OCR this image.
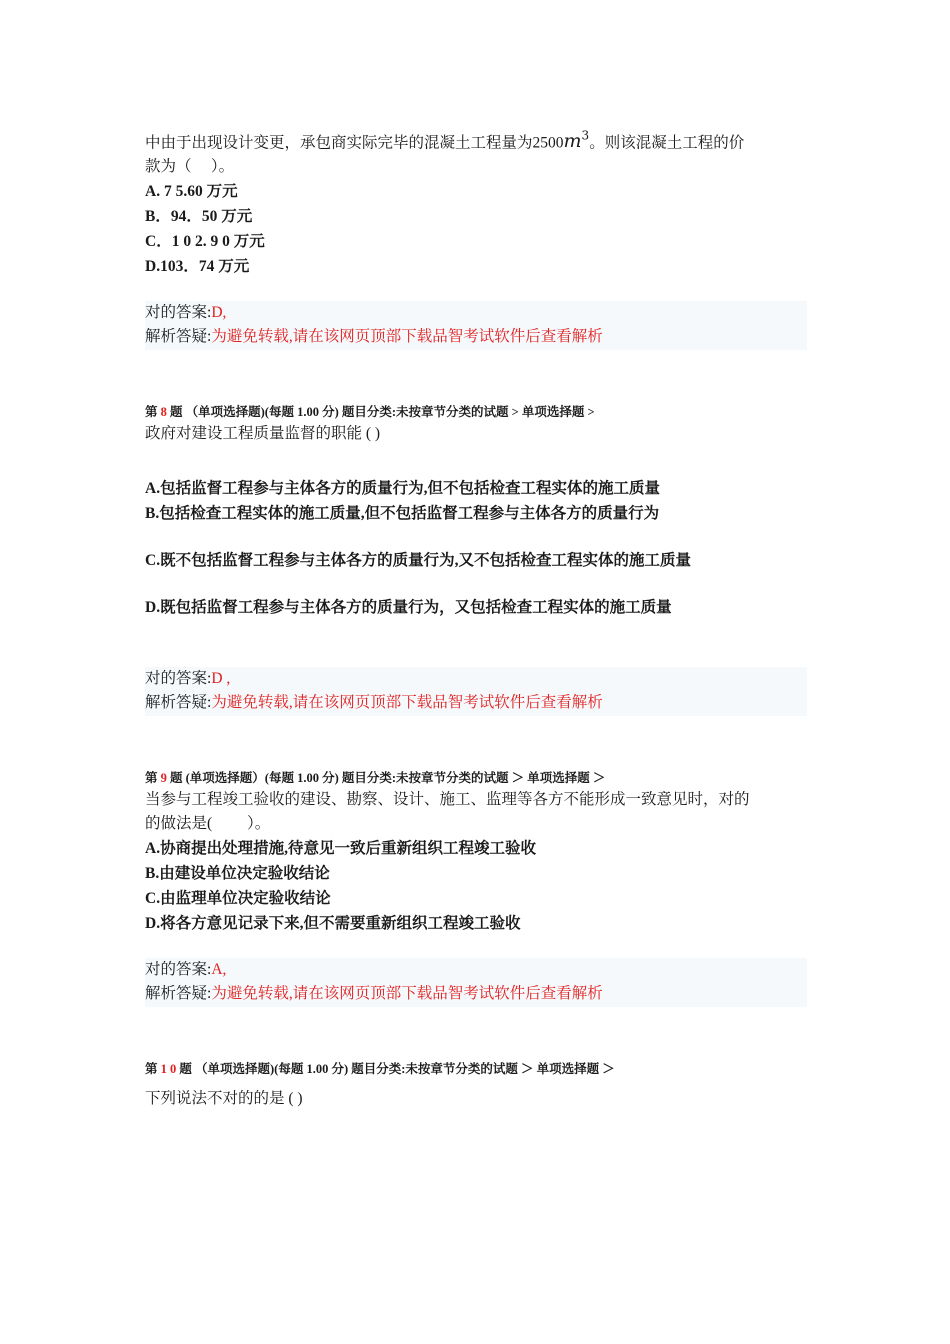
中由于出现设计变更，承包商实际完毕的混凝土工程量为$2500m^3$。则该混凝土工程的价
款为（　 ）。
A. 7 5.60 万元
B．94．50 万元
C．1 0 2. 9 0 万元
D.103．74 万元
对的答案:D,
解析答疑:为避免转载,请在该网页顶部下载品智考试软件后查看解析
第 8 题 （单项选择题)(每题 1.00 分) 题目分类:未按章节分类的试题 > 单项选择题 >
政府对建设工程质量监督的职能 ( )
A.包括监督工程参与主体各方的质量行为,但不包括检查工程实体的施工质量
B.包括检查工程实体的施工质量,但不包括监督工程参与主体各方的质量行为
C.既不包括监督工程参与主体各方的质量行为,又不包括检查工程实体的施工质量
D.既包括监督工程参与主体各方的质量行为，又包括检查工程实体的施工质量
对的答案:D ,
解析答疑:为避免转载,请在该网页顶部下载品智考试软件后查看解析
第 9 题 (单项选择题）(每题 1.00 分) 题目分类:未按章节分类的试题 ＞ 单项选择题 ＞
当参与工程竣工验收的建设、勘察、设计、施工、监理等各方不能形成一致意见时，对的
的做法是(　　 ）。
A.协商提出处理措施,待意见一致后重新组织工程竣工验收
B.由建设单位决定验收结论
C.由监理单位决定验收结论
D.将各方意见记录下来,但不需要重新组织工程竣工验收
对的答案:A,
解析答疑:为避免转载,请在该网页顶部下载品智考试软件后查看解析
第 1 0 题 （单项选择题)(每题 1.00 分) 题目分类:未按章节分类的试题 ＞ 单项选择题 ＞
下列说法不对的的是 ( )
